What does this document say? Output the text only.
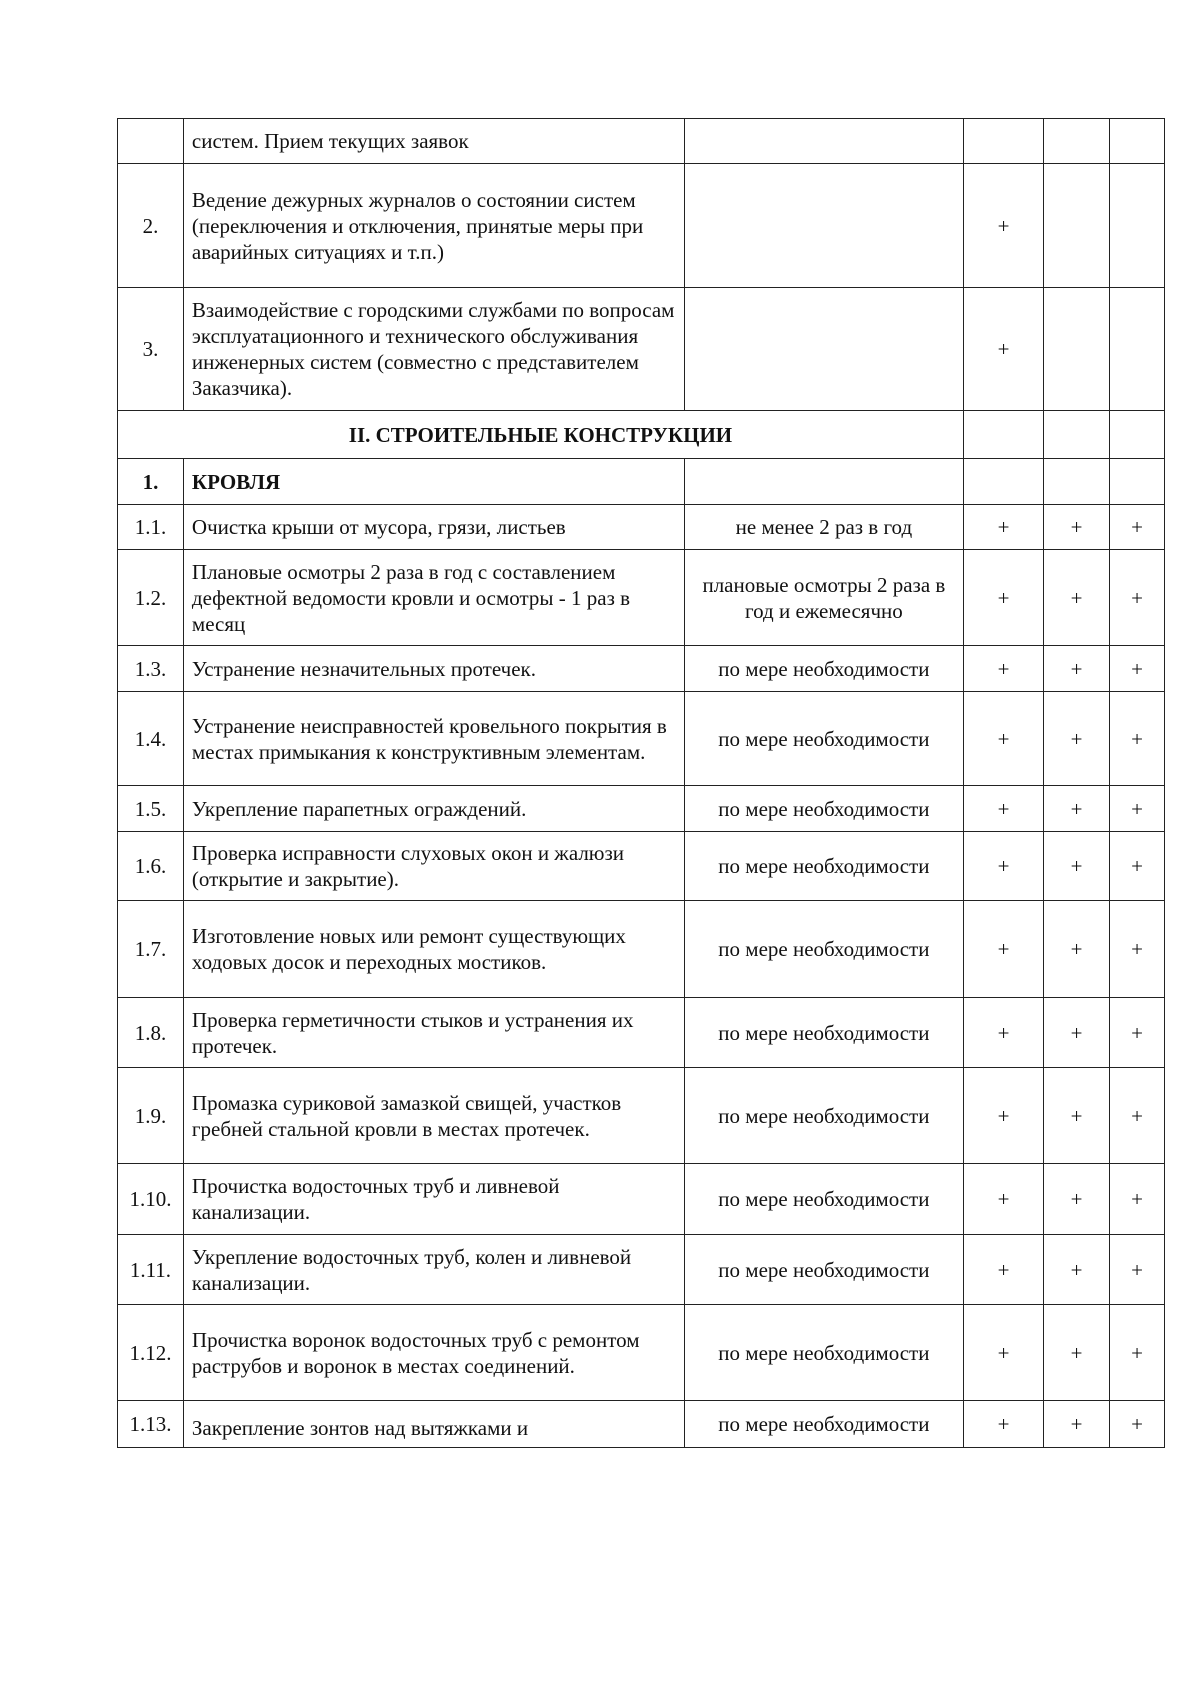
	систем. Прием текущих заявок				
2.	Ведение дежурных журналов о состоянии систем (переключения и отключения, принятые меры при аварийных ситуациях и т.п.)		+		
3.	Взаимодействие с городскими службами по вопросам эксплуатационного и технического обслуживания инженерных систем (совместно с представителем Заказчика).		+		
II. СТРОИТЕЛЬНЫЕ КОНСТРУКЦИИ					
1.	КРОВЛЯ				
1.1.	Очистка крыши от мусора, грязи, листьев	не менее 2 раз в год	+	+	+
1.2.	Плановые осмотры 2 раза в год с составлением дефектной ведомости кровли и осмотры - 1 раз в месяц	плановые осмотры 2 раза в год и ежемесячно	+	+	+
1.3.	Устранение незначительных протечек.	по мере необходимости	+	+	+
1.4.	Устранение неисправностей кровельного покрытия в местах примыкания к конструктивным элементам.	по мере необходимости	+	+	+
1.5.	Укрепление парапетных ограждений.	по мере необходимости	+	+	+
1.6.	Проверка исправности слуховых окон и жалюзи (открытие и закрытие).	по мере необходимости	+	+	+
1.7.	Изготовление новых или ремонт существующих ходовых досок и переходных мостиков.	по мере необходимости	+	+	+
1.8.	Проверка герметичности стыков и устранения их протечек.	по мере необходимости	+	+	+
1.9.	Промазка суриковой замазкой свищей, участков гребней стальной кровли в местах протечек.	по мере необходимости	+	+	+
1.10.	Прочистка водосточных труб и ливневой канализации.	по мере необходимости	+	+	+
1.11.	Укрепление водосточных труб, колен и ливневой канализации.	по мере необходимости	+	+	+
1.12.	Прочистка воронок водосточных труб с ремонтом раструбов и воронок в местах соединений.	по мере необходимости	+	+	+
1.13.	Закрепление зонтов над вытяжками и	по мере необходимости	+	+	+
